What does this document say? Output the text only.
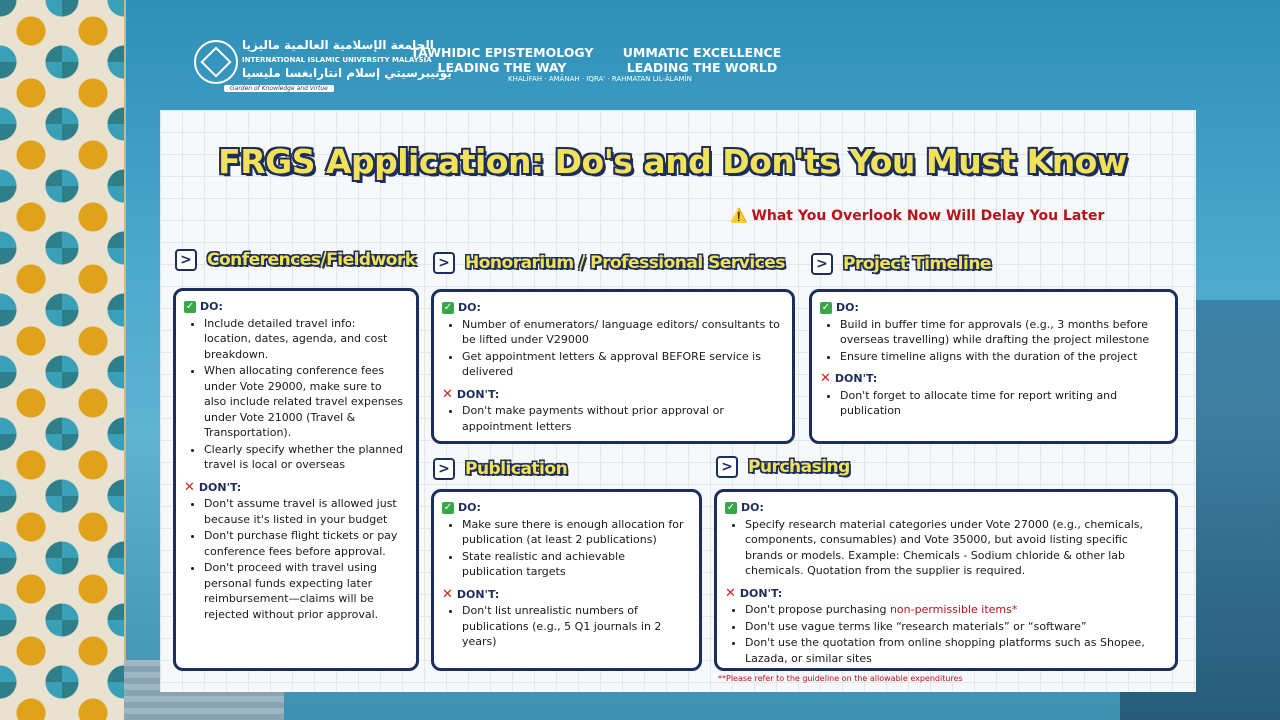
الجامعة الإسلامية العالمية ماليزيا
INTERNATIONAL ISLAMIC UNIVERSITY MALAYSIA
يونيبرسيتي إسلام انتارابغسا مليسيا
Garden of Knowledge and Virtue
TAWHIDIC EPISTEMOLOGY
LEADING THE WAY
UMMATIC EXCELLENCE
LEADING THE WORLD
KHALĪFAH · AMĀNAH · IQRA' · RAHMATAN LIL-ĀLAMĪN
FRGS Application: Do's and Don'ts You Must Know
⚠️ What You Overlook Now Will Delay You Later
> Conferences/Fieldwork
✓ DO:
• Include detailed travel info: location, dates, agenda, and cost breakdown.
• When allocating conference fees under Vote 29000, make sure to also include related travel expenses under Vote 21000 (Travel & Transportation).
• Clearly specify whether the planned travel is local or overseas
✕ DON'T:
• Don't assume travel is allowed just because it's listed in your budget
• Don't purchase flight tickets or pay conference fees before approval.
• Don't proceed with travel using personal funds expecting later reimbursement—claims will be rejected without prior approval.
> Honorarium / Professional Services
✓ DO:
• Number of enumerators/ language editors/ consultants to be lifted under V29000
• Get appointment letters & approval BEFORE service is delivered
✕ DON'T:
• Don't make payments without prior approval or appointment letters
> Project Timeline
✓ DO:
• Build in buffer time for approvals (e.g., 3 months before overseas travelling) while drafting the project milestone
• Ensure timeline aligns with the duration of the project
✕ DON'T:
• Don't forget to allocate time for report writing and publication
> Publication
✓ DO:
• Make sure there is enough allocation for publication (at least 2 publications)
• State realistic and achievable publication targets
✕ DON'T:
• Don't list unrealistic numbers of publications (e.g., 5 Q1 journals in 2 years)
> Purchasing
✓ DO:
• Specify research material categories under Vote 27000 (e.g., chemicals, components, consumables) and Vote 35000, but avoid listing specific brands or models. Example: Chemicals - Sodium chloride & other lab chemicals. Quotation from the supplier is required.
✕ DON'T:
• Don't propose purchasing non-permissible items*
• Don't use vague terms like “research materials” or “software”
• Don't use the quotation from online shopping platforms such as Shopee, Lazada, or similar sites
**Please refer to the guideline on the allowable expenditures
